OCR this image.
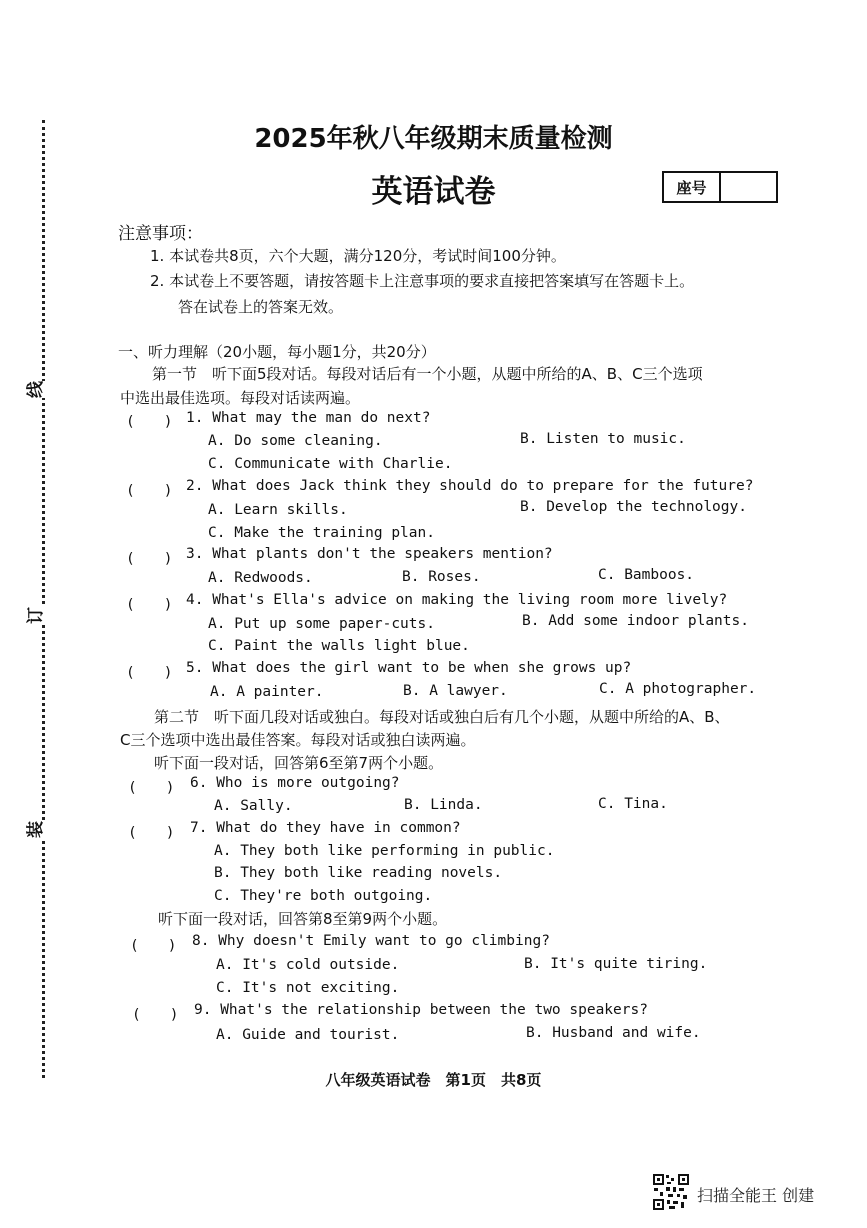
线
订
装
2025年秋八年级期末质量检测
英语试卷	座号
注意事项：
1. 本试卷共8页，六个大题，满分120分，考试时间100分钟。
2. 本试卷上不要答题，请按答题卡上注意事项的要求直接把答案填写在答题卡上。
答在试卷上的答案无效。
一、听力理解（20小题，每小题1分，共20分）
第一节　听下面5段对话。每段对话后有一个小题，从题中所给的A、B、C三个选项
中选出最佳选项。每段对话读两遍。
(　　) 1. What may the man do next?
A. Do some cleaning.	B. Listen to music.
C. Communicate with Charlie.
(　　) 2. What does Jack think they should do to prepare for the future?
A. Learn skills.	B. Develop the technology.
C. Make the training plan.
(　　) 3. What plants don't the speakers mention?
A. Redwoods.	B. Roses.	C. Bamboos.
(　　) 4. What's Ella's advice on making the living room more lively?
A. Put up some paper-cuts.	B. Add some indoor plants.
C. Paint the walls light blue.
(　　) 5. What does the girl want to be when she grows up?
A. A painter.	B. A lawyer.	C. A photographer.
第二节　听下面几段对话或独白。每段对话或独白后有几个小题，从题中所给的A、B、
C三个选项中选出最佳答案。每段对话或独白读两遍。
听下面一段对话，回答第6至第7两个小题。
(　　) 6. Who is more outgoing?
A. Sally.	B. Linda.	C. Tina.
(　　) 7. What do they have in common?
A. They both like performing in public.
B. They both like reading novels.
C. They're both outgoing.
听下面一段对话，回答第8至第9两个小题。
(　　) 8. Why doesn't Emily want to go climbing?
A. It's cold outside.	B. It's quite tiring.
C. It's not exciting.
(　　) 9. What's the relationship between the two speakers?
A. Guide and tourist.	B. Husband and wife.
八年级英语试卷　第1页　共8页
扫描全能王 创建
